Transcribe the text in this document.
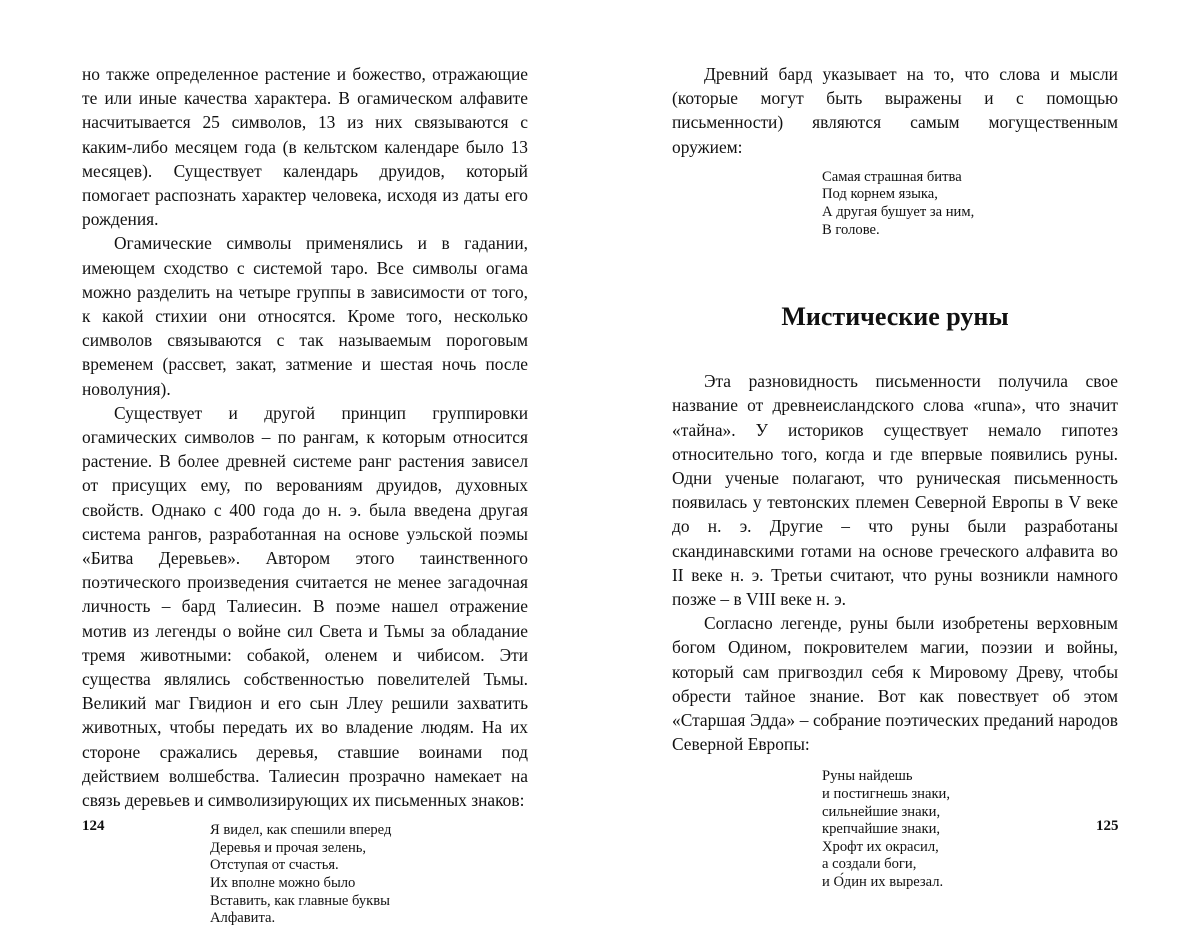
но также определенное растение и божество, отражающие те или иные качества характера. В огамическом алфавите насчитывается 25 символов, 13 из них связываются с каким-либо месяцем года (в кельтском календаре было 13 месяцев). Существует календарь друидов, который помогает распознать характер человека, исходя из даты его рождения.

Огамические символы применялись и в гадании, имеющем сходство с системой таро. Все символы огама можно разделить на четыре группы в зависимости от того, к какой стихии они относятся. Кроме того, несколько символов связываются с так называемым пороговым временем (рассвет, закат, затмение и шестая ночь после новолуния).

Существует и другой принцип группировки огамических символов – по рангам, к которым относится растение. В более древней системе ранг растения зависел от присущих ему, по верованиям друидов, духовных свойств. Однако с 400 года до н. э. была введена другая система рангов, разработанная на основе уэльской поэмы «Битва Деревьев». Автором этого таинственного поэтического произведения считается не менее загадочная личность – бард Талиесин. В поэме нашел отражение мотив из легенды о войне сил Света и Тьмы за обладание тремя животными: собакой, оленем и чибисом. Эти существа являлись собственностью повелителей Тьмы. Великий маг Гвидион и его сын Ллеу решили захватить животных, чтобы передать их во владение людям. На их стороне сражались деревья, ставшие воинами под действием волшебства. Талиесин прозрачно намекает на связь деревьев и символизирующих их письменных знаков:

Я видел, как спешили вперед
Деревья и прочая зелень,
Отступая от счастья.
Их вполне можно было
Вставить, как главные буквы
Алфавита.

Древний бард указывает на то, что слова и мысли (которые могут быть выражены и с помощью письменности) являются самым могущественным оружием:

Самая страшная битва
Под корнем языка,
А другая бушует за ним,
В голове.
Мистические руны

Эта разновидность письменности получила свое название от древнеисландского слова «runa», что значит «тайна». У историков существует немало гипотез относительно того, когда и где впервые появились руны. Одни ученые полагают, что руническая письменность появилась у тевтонских племен Северной Европы в V веке до н. э. Другие – что руны были разработаны скандинавскими готами на основе греческого алфавита во II веке н. э. Третьи считают, что руны возникли намного позже – в VIII веке н. э.

Согласно легенде, руны были изобретены верховным богом Одином, покровителем магии, поэзии и войны, который сам пригвоздил себя к Мировому Древу, чтобы обрести тайное знание. Вот как повествует об этом «Старшая Эдда» – собрание поэтических преданий народов Северной Европы:

Руны найдешь
и постигнешь знаки,
сильнейшие знаки,
крепчайшие знаки,
Хрофт их окрасил,
а создали боги,
и О́дин их вырезал.
124	125
